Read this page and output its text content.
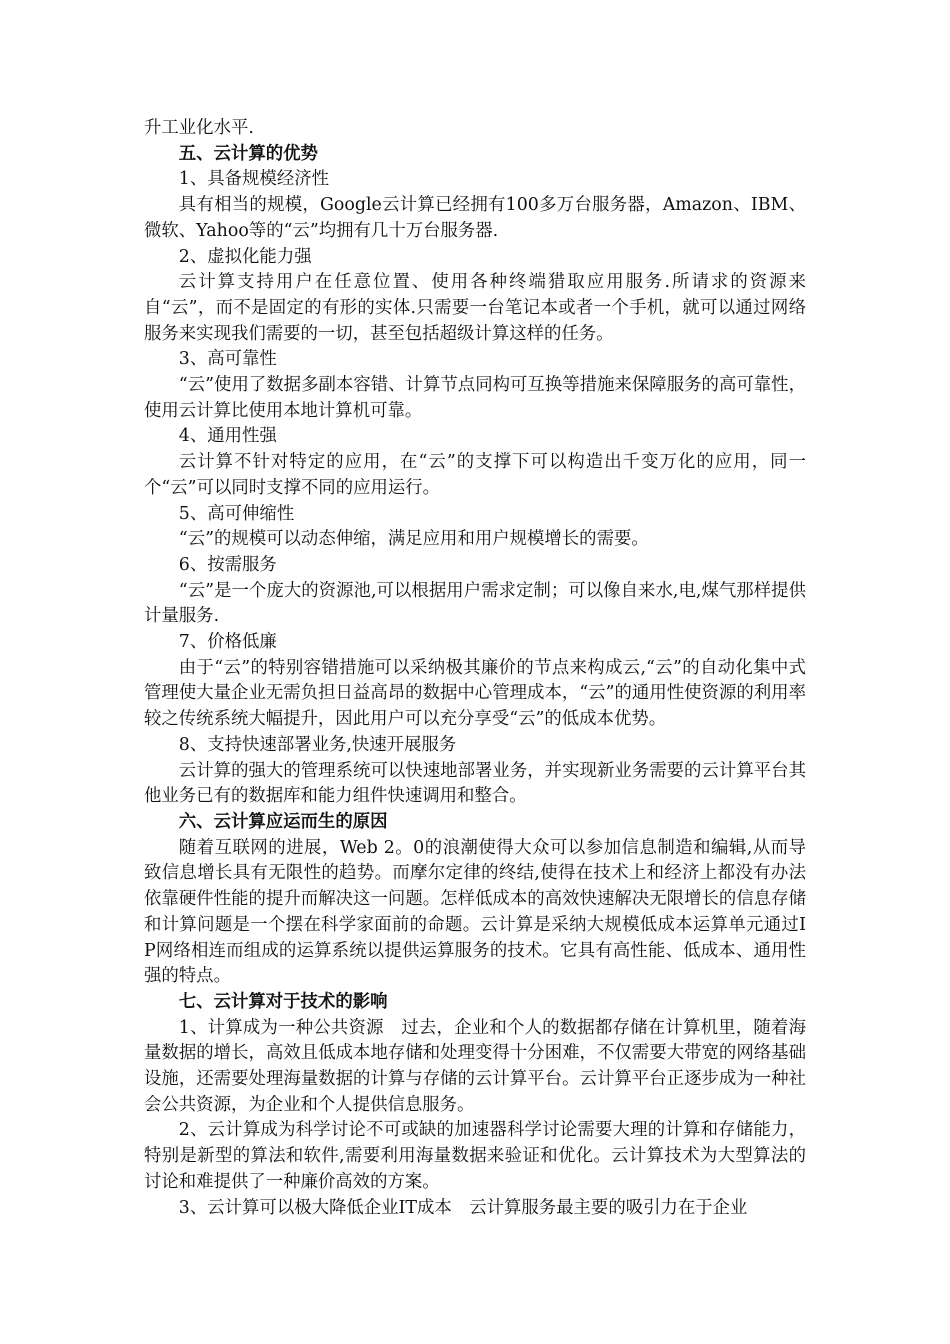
升工业化水平.

五、云计算的优势

1、具备规模经济性

具有相当的规模，Google云计算已经拥有100多万台服务器，Amazon、IBM、微软、Yahoo等的“云”均拥有几十万台服务器.

2、虚拟化能力强

云计算支持用户在任意位置、使用各种终端猎取应用服务.所请求的资源来自“云”，而不是固定的有形的实体.只需要一台笔记本或者一个手机，就可以通过网络服务来实现我们需要的一切，甚至包括超级计算这样的任务。

3、高可靠性

“云”使用了数据多副本容错、计算节点同构可互换等措施来保障服务的高可靠性，使用云计算比使用本地计算机可靠。

4、通用性强

云计算不针对特定的应用，在“云”的支撑下可以构造出千变万化的应用，同一个“云”可以同时支撑不同的应用运行。

5、高可伸缩性

“云”的规模可以动态伸缩，满足应用和用户规模增长的需要。

6、按需服务

“云”是一个庞大的资源池,可以根据用户需求定制；可以像自来水,电,煤气那样提供计量服务.

7、价格低廉

由于“云”的特别容错措施可以采纳极其廉价的节点来构成云,“云”的自动化集中式管理使大量企业无需负担日益高昂的数据中心管理成本，“云”的通用性使资源的利用率较之传统系统大幅提升，因此用户可以充分享受“云”的低成本优势。

8、支持快速部署业务,快速开展服务

云计算的强大的管理系统可以快速地部署业务，并实现新业务需要的云计算平台其他业务已有的数据库和能力组件快速调用和整合。

六、云计算应运而生的原因

随着互联网的进展，Web 2。0的浪潮使得大众可以参加信息制造和编辑,从而导致信息增长具有无限性的趋势。而摩尔定律的终结,使得在技术上和经济上都没有办法依靠硬件性能的提升而解决这一问题。怎样低成本的高效快速解决无限增长的信息存储和计算问题是一个摆在科学家面前的命题。云计算是采纳大规模低成本运算单元通过IP网络相连而组成的运算系统以提供运算服务的技术。它具有高性能、低成本、通用性强的特点。

七、云计算对于技术的影响

1、计算成为一种公共资源　过去，企业和个人的数据都存储在计算机里，随着海量数据的增长，高效且低成本地存储和处理变得十分困难，不仅需要大带宽的网络基础设施，还需要处理海量数据的计算与存储的云计算平台。云计算平台正逐步成为一种社会公共资源，为企业和个人提供信息服务。

2、云计算成为科学讨论不可或缺的加速器科学讨论需要大理的计算和存储能力，特别是新型的算法和软件,需要利用海量数据来验证和优化。云计算技术为大型算法的讨论和难提供了一种廉价高效的方案。

3、云计算可以极大降低企业IT成本　云计算服务最主要的吸引力在于企业
